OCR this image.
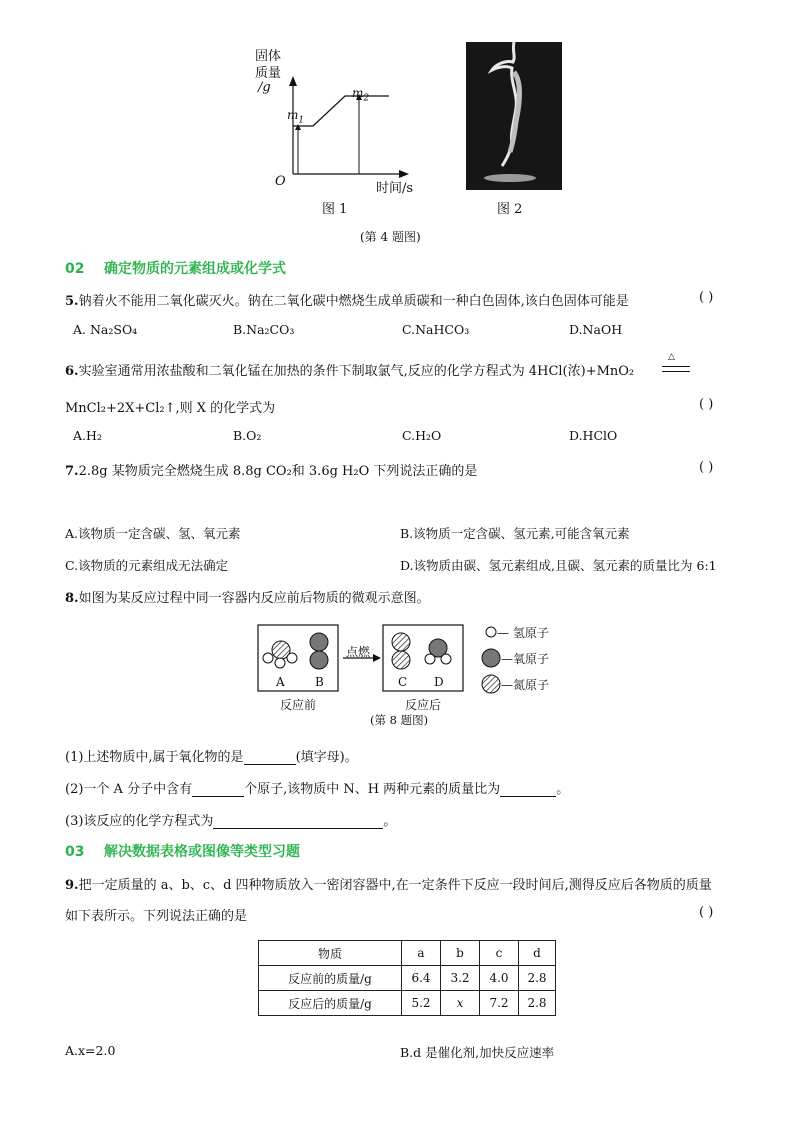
固体
质量
/g
$m_1$
$m_2$
O	时间/s
图 1	图 2
(第 4 题图)
02 确定物质的元素组成或化学式
5.钠着火不能用二氧化碳灭火。钠在二氧化碳中燃烧生成单质碳和一种白色固体,该白色固体可能是	( )
A. Na₂SO₄	B.Na₂CO₃	C.NaHCO₃	D.NaOH
6.实验室通常用浓盐酸和二氧化锰在加热的条件下制取氯气,反应的化学方程式为 4HCl(浓)+MnO₂
△
MnCl₂+2X+Cl₂↑,则 X 的化学式为	( )
A.H₂	B.O₂	C.H₂O	D.HClO
7.2.8g 某物质完全燃烧生成 8.8g CO₂和 3.6g H₂O 下列说法正确的是	( )
A.该物质一定含碳、氢、氧元素	B.该物质一定含碳、氢元素,可能含氧元素
C.该物质的元素组成无法确定	D.该物质由碳、氢元素组成,且碳、氢元素的质量比为 6:1
8.如图为某反应过程中同一容器内反应前后物质的微观示意图。
点燃
A	B	C D
反应前	反应后
— 氢原子
—氧原子
—氮原子
(第 8 题图)
(1)上述物质中,属于氧化物的是	(填字母)。
(2)一个 A 分子中含有	个原子,该物质中 N、H 两种元素的质量比为	。
(3)该反应的化学方程式为	。
03 解决数据表格或图像等类型习题
9.把一定质量的 a、b、c、d 四种物质放入一密闭容器中,在一定条件下反应一段时间后,测得反应后各物质的质量
如下表所示。下列说法正确的是	( )
物质	a	b	c	d
反应前的质量/g	6.4	3.2	4.0	2.8
反应后的质量/g	5.2	x	7.2	2.8
A.x=2.0	B.d 是催化剂,加快反应速率
